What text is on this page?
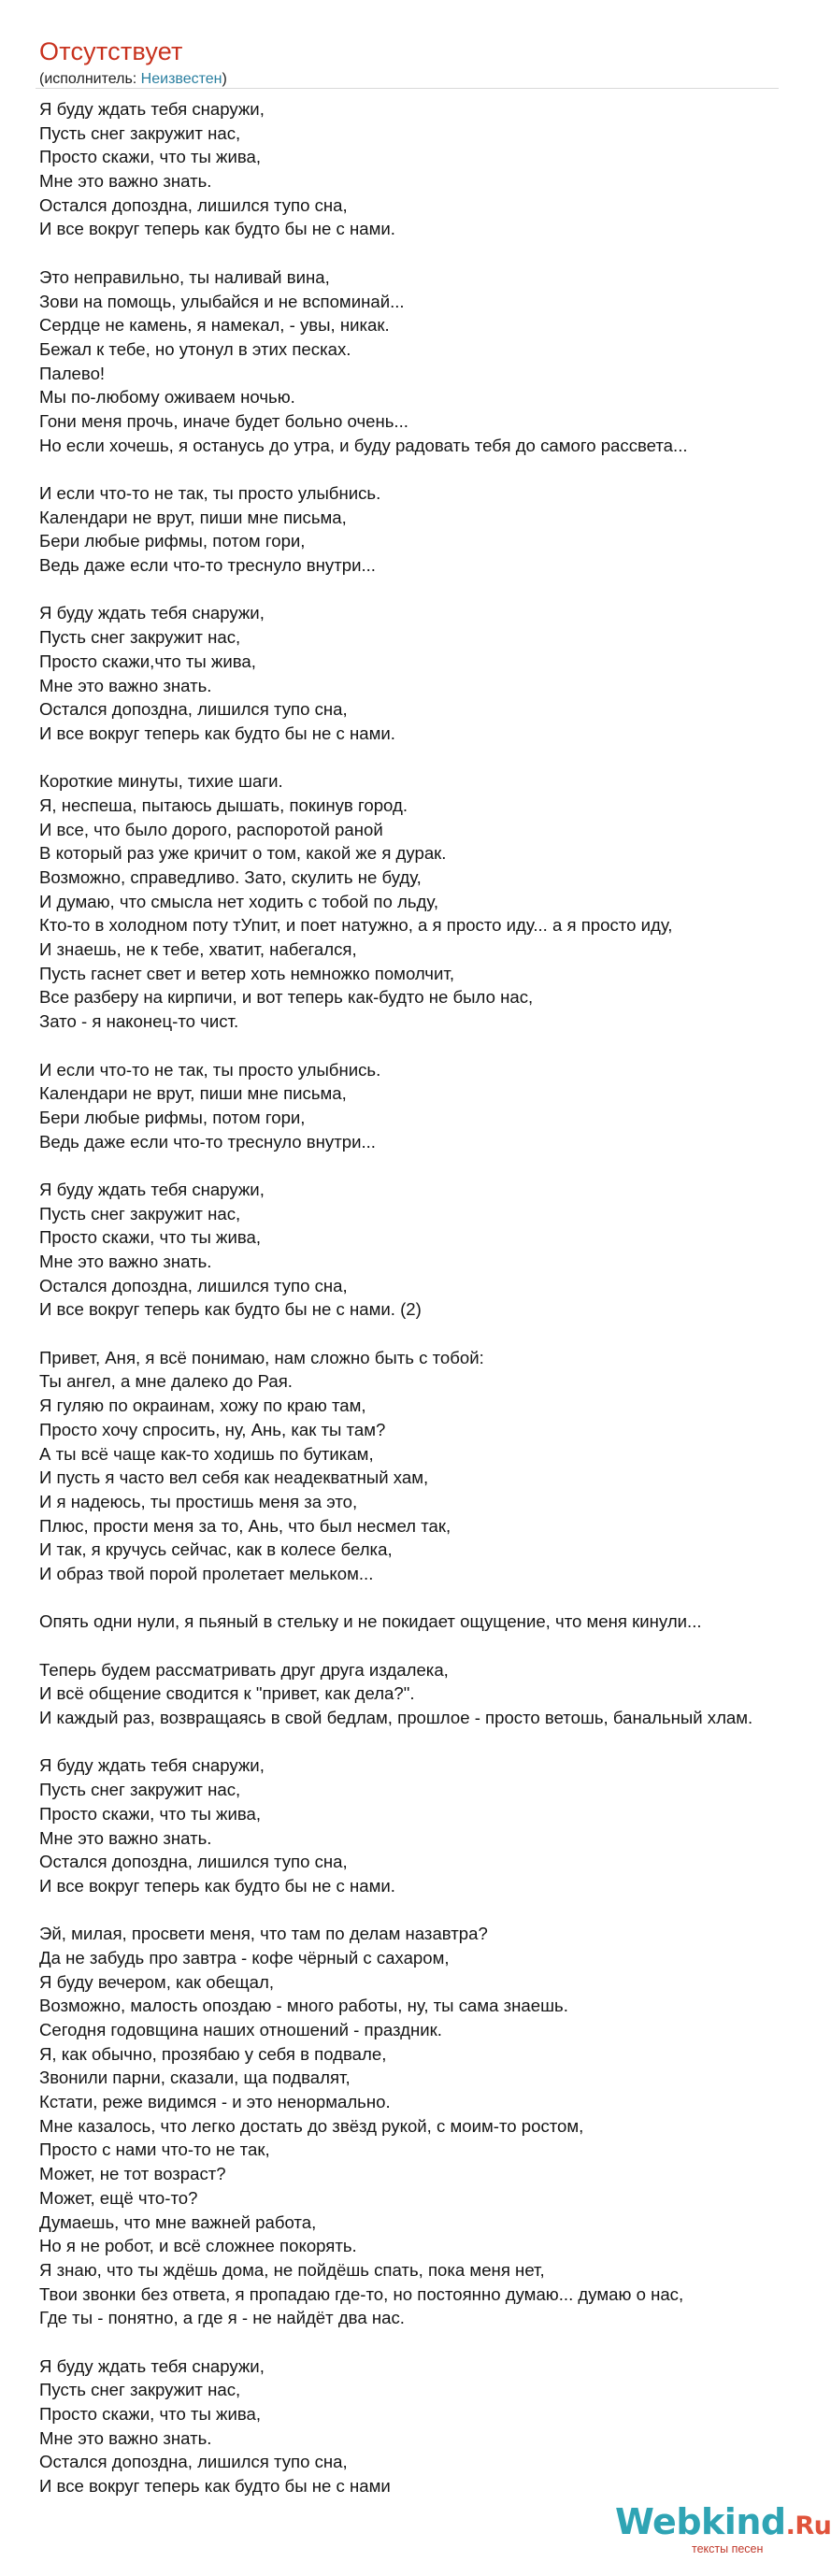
Отсутствует
(исполнитель: Неизвестен)
Я буду ждать тебя снаружи,
Пусть снег закружит нас,
Просто скажи, что ты жива,
Мне это важно знать.
Остался допоздна, лишился тупо сна,
И все вокруг теперь как будто бы не с нами.
Это неправильно, ты наливай вина,
Зови на помощь, улыбайся и не вспоминай...
Сердце не камень, я намекал, - увы, никак.
Бежал к тебе, но утонул в этих песках.
Палево!
Мы по-любому оживаем ночью.
Гони меня прочь, иначе будет больно очень...
Но если хочешь, я останусь до утра, и буду радовать тебя до самого рассвета...
И если что-то не так, ты просто улыбнись.
Календари не врут, пиши мне письма,
Бери любые рифмы, потом гори,
Ведь даже если что-то треснуло внутри...
Я буду ждать тебя снаружи,
Пусть снег закружит нас,
Просто скажи,что ты жива,
Мне это важно знать.
Остался допоздна, лишился тупо сна,
И все вокруг теперь как будто бы не с нами.
Короткие минуты, тихие шаги.
Я, неспеша, пытаюсь дышать, покинув город.
И все, что было дорого, распоротой раной
В который раз уже кричит о том, какой же я дурак.
Возможно, справедливо. Зато, скулить не буду,
И думаю, что смысла нет ходить с тобой по льду,
Кто-то в холодном поту тУпит, и поет натужно, а я просто иду... а я просто иду,
И знаешь, не к тебе, хватит, набегался,
Пусть гаснет свет и ветер хоть немножко помолчит,
Все разберу на кирпичи, и вот теперь как-будто не было нас,
Зато - я наконец-то чист.
И если что-то не так, ты просто улыбнись.
Календари не врут, пиши мне письма,
Бери любые рифмы, потом гори,
Ведь даже если что-то треснуло внутри...
Я буду ждать тебя снаружи,
Пусть снег закружит нас,
Просто скажи, что ты жива,
Мне это важно знать.
Остался допоздна, лишился тупо сна,
И все вокруг теперь как будто бы не с нами. (2)
Привет, Аня, я всё понимаю, нам сложно быть с тобой:
Ты ангел, а мне далеко до Рая.
Я гуляю по окраинам, хожу по краю там,
Просто хочу спросить, ну, Ань, как ты там?
А ты всё чаще как-то ходишь по бутикам,
И пусть я часто вел себя как неадекватный хам,
И я надеюсь, ты простишь меня за это,
Плюс, прости меня за то, Ань, что был несмел так,
И так, я кручусь сейчас, как в колесе белка,
И образ твой порой пролетает мельком...
Опять одни нули, я пьяный в стельку и не покидает ощущение, что меня кинули...
Теперь будем рассматривать друг друга издалека,
И всё общение сводится к "привет, как дела?".
И каждый раз, возвращаясь в свой бедлам, прошлое - просто ветошь, банальный хлам.
Я буду ждать тебя снаружи,
Пусть снег закружит нас,
Просто скажи, что ты жива,
Мне это важно знать.
Остался допоздна, лишился тупо сна,
И все вокруг теперь как будто бы не с нами.
Эй, милая, просвети меня, что там по делам назавтра?
Да не забудь про завтра - кофе чёрный с сахаром,
Я буду вечером, как обещал,
Возможно, малость опоздаю - много работы, ну, ты сама знаешь.
Сегодня годовщина наших отношений - праздник.
Я, как обычно, прозябаю у себя в подвале,
Звонили парни, сказали, ща подвалят,
Кстати, реже видимся - и это ненормально.
Мне казалось, что легко достать до звёзд рукой, с моим-то ростом,
Просто с нами что-то не так,
Может, не тот возраст?
Может, ещё что-то?
Думаешь, что мне важней работа,
Но я не робот, и всё сложнее покорять.
Я знаю, что ты ждёшь дома, не пойдёшь спать, пока меня нет,
Твои звонки без ответа, я пропадаю где-то, но постоянно думаю... думаю о нас,
Где ты - понятно, а где я - не найдёт два нас.
Я буду ждать тебя снаружи,
Пусть снег закружит нас,
Просто скажи, что ты жива,
Мне это важно знать.
Остался допоздна, лишился тупо сна,
И все вокруг теперь как будто бы не с нами
Webkind.Ru
тексты песен
